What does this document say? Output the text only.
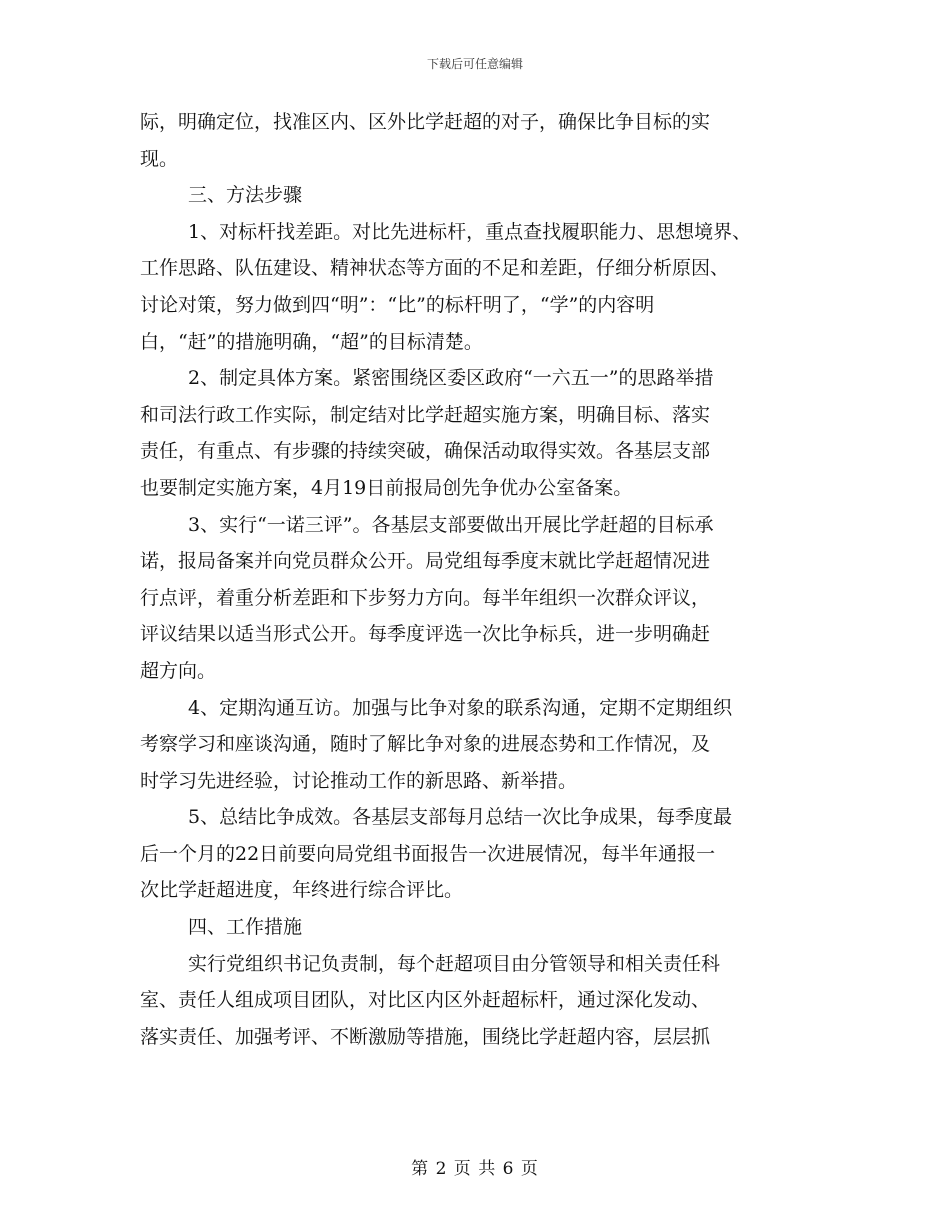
下载后可任意编辑
际，明确定位，找准区内、区外比学赶超的对子，确保比争目标的实
现。
三、方法步骤
1、对标杆找差距。对比先进标杆，重点查找履职能力、思想境界、
工作思路、队伍建设、精神状态等方面的不足和差距，仔细分析原因、
讨论对策，努力做到四“明”：“比”的标杆明了，“学”的内容明
白，“赶”的措施明确，“超”的目标清楚。
2、制定具体方案。紧密围绕区委区政府“一六五一”的思路举措
和司法行政工作实际，制定结对比学赶超实施方案，明确目标、落实
责任，有重点、有步骤的持续突破，确保活动取得实效。各基层支部
也要制定实施方案，4月19日前报局创先争优办公室备案。
3、实行“一诺三评”。各基层支部要做出开展比学赶超的目标承
诺，报局备案并向党员群众公开。局党组每季度末就比学赶超情况进
行点评，着重分析差距和下步努力方向。每半年组织一次群众评议，
评议结果以适当形式公开。每季度评选一次比争标兵，进一步明确赶
超方向。
4、定期沟通互访。加强与比争对象的联系沟通，定期不定期组织
考察学习和座谈沟通，随时了解比争对象的进展态势和工作情况，及
时学习先进经验，讨论推动工作的新思路、新举措。
5、总结比争成效。各基层支部每月总结一次比争成果，每季度最
后一个月的22日前要向局党组书面报告一次进展情况，每半年通报一
次比学赶超进度，年终进行综合评比。
四、工作措施
实行党组织书记负责制，每个赶超项目由分管领导和相关责任科
室、责任人组成项目团队，对比区内区外赶超标杆，通过深化发动、
落实责任、加强考评、不断激励等措施，围绕比学赶超内容，层层抓
第 2 页 共 6 页
